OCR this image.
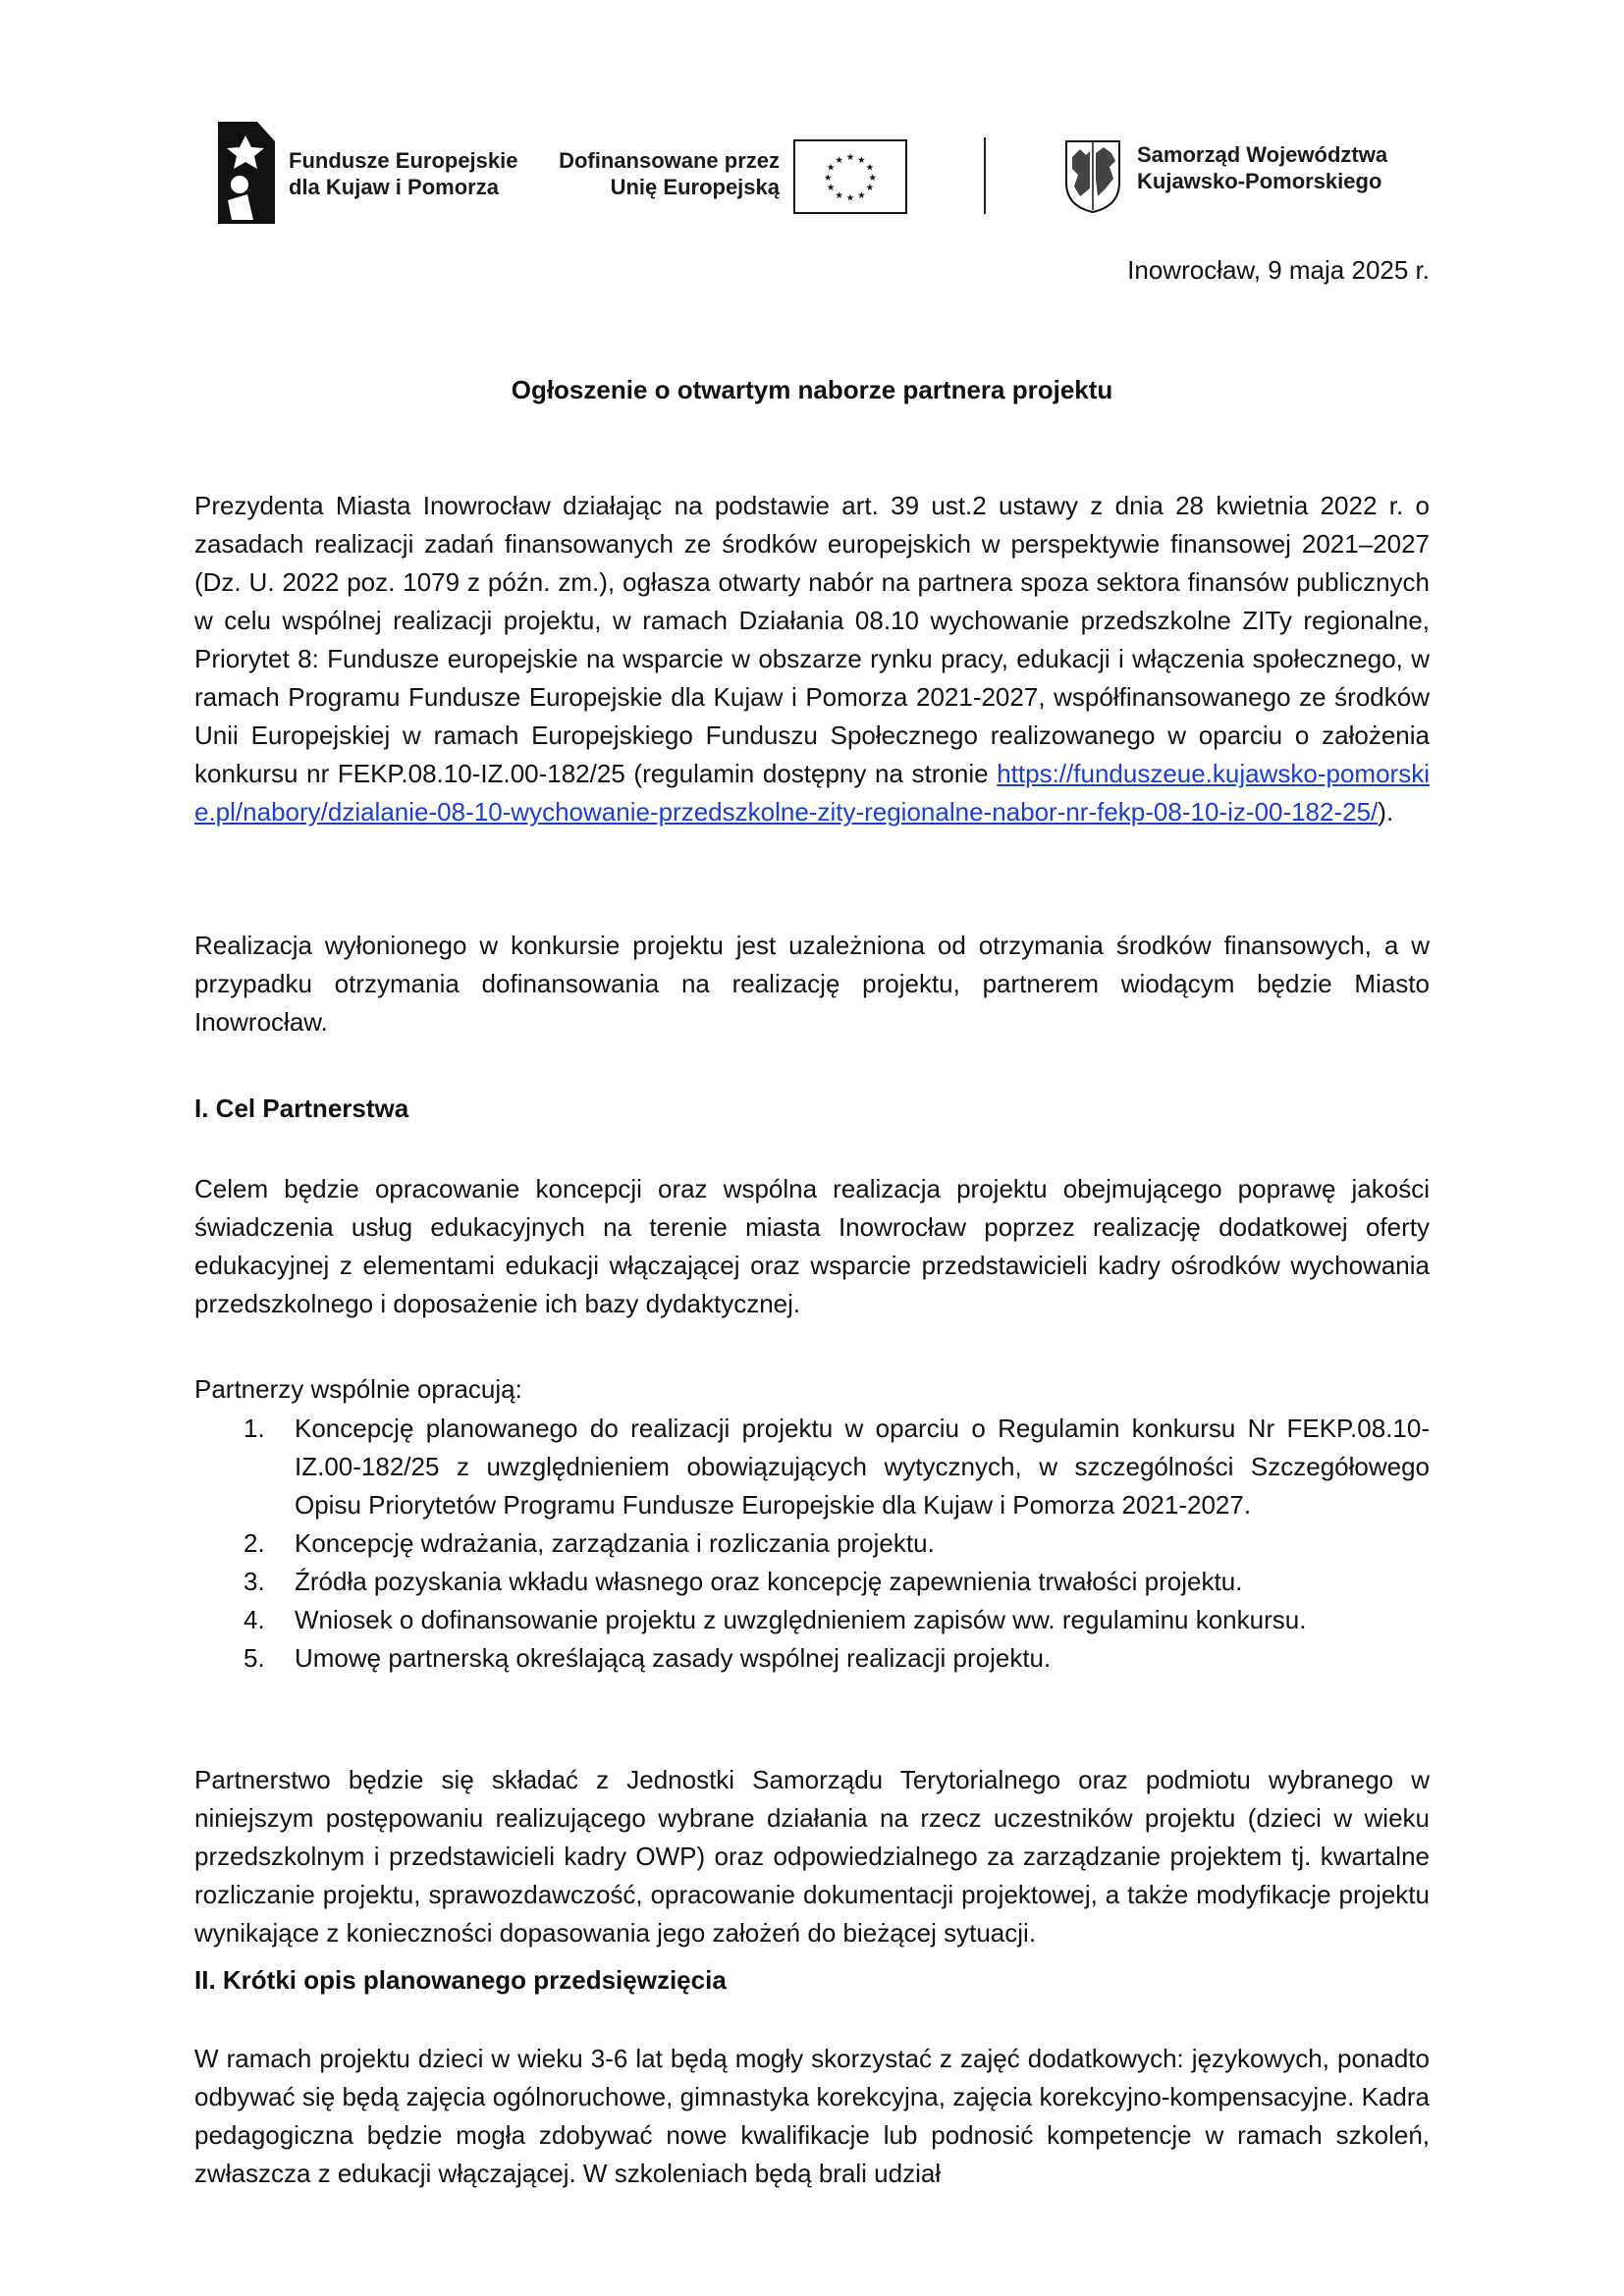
Fundusze Europejskie
dla Kujaw i Pomorza
Dofinansowane przez
Unię Europejską
★ ★
★
★
★
★
★
★
★
★
★
★	Samorząd Województwa
Kujawsko-Pomorskiego
Inowrocław, 9 maja 2025 r.
Ogłoszenie o otwartym naborze partnera projektu
Prezydenta Miasta Inowrocław działając na podstawie art. 39 ust.2 ustawy z dnia 28 kwietnia 2022 r. o zasadach realizacji zadań finansowanych ze środków europejskich w perspektywie finansowej 2021–2027 (Dz. U. 2022 poz. 1079 z późn. zm.), ogłasza otwarty nabór na partnera spoza sektora finansów publicznych w celu wspólnej realizacji projektu, w ramach Działania 08.10 wychowanie przedszkolne ZITy regionalne, Priorytet 8: Fundusze europejskie na wsparcie w obszarze rynku pracy, edukacji i włączenia społecznego, w ramach Programu Fundusze Europejskie dla Kujaw i Pomorza 2021-2027, współfinansowanego ze środków Unii Europejskiej w ramach Europejskiego Funduszu Społecznego realizowanego w oparciu o założenia konkursu nr FEKP.08.10-IZ.00-182/25 (regulamin dostępny na stronie https://funduszeue.kujawsko-pomorskie.pl/nabory/dzialanie-08-10-wychowanie-przedszkolne-zity-regionalne-nabor-nr-fekp-08-10-iz-00-182-25/).
Realizacja wyłonionego w konkursie projektu jest uzależniona od otrzymania środków finansowych, a w przypadku otrzymania dofinansowania na realizację projektu, partnerem wiodącym będzie Miasto Inowrocław.
I. Cel Partnerstwa
Celem będzie opracowanie koncepcji oraz wspólna realizacja projektu obejmującego poprawę jakości świadczenia usług edukacyjnych na terenie miasta Inowrocław poprzez realizację dodatkowej oferty edukacyjnej z elementami edukacji włączającej oraz wsparcie przedstawicieli kadry ośrodków wychowania przedszkolnego i doposażenie ich bazy dydaktycznej.
Partnerzy wspólnie opracują:
1. Koncepcję planowanego do realizacji projektu w oparciu o Regulamin konkursu Nr FEKP.08.10-IZ.00-182/25 z uwzględnieniem obowiązujących wytycznych, w szczególności Szczegółowego Opisu Priorytetów Programu Fundusze Europejskie dla Kujaw i Pomorza 2021-2027.
2. Koncepcję wdrażania, zarządzania i rozliczania projektu.
3. Źródła pozyskania wkładu własnego oraz koncepcję zapewnienia trwałości projektu.
4. Wniosek o dofinansowanie projektu z uwzględnieniem zapisów ww. regulaminu konkursu.
5. Umowę partnerską określającą zasady wspólnej realizacji projektu.
Partnerstwo będzie się składać z Jednostki Samorządu Terytorialnego oraz podmiotu wybranego w niniejszym postępowaniu realizującego wybrane działania na rzecz uczestników projektu (dzieci w wieku przedszkolnym i przedstawicieli kadry OWP) oraz odpowiedzialnego za zarządzanie projektem tj. kwartalne rozliczanie projektu, sprawozdawczość, opracowanie dokumentacji projektowej, a także modyfikacje projektu wynikające z konieczności dopasowania jego założeń do bieżącej sytuacji.
II. Krótki opis planowanego przedsięwzięcia
W ramach projektu dzieci w wieku 3-6 lat będą mogły skorzystać z zajęć dodatkowych: językowych, ponadto odbywać się będą zajęcia ogólnoruchowe, gimnastyka korekcyjna, zajęcia korekcyjno-kompensacyjne. Kadra pedagogiczna będzie mogła zdobywać nowe kwalifikacje lub podnosić kompetencje w ramach szkoleń, zwłaszcza z edukacji włączającej. W szkoleniach będą brali udział
